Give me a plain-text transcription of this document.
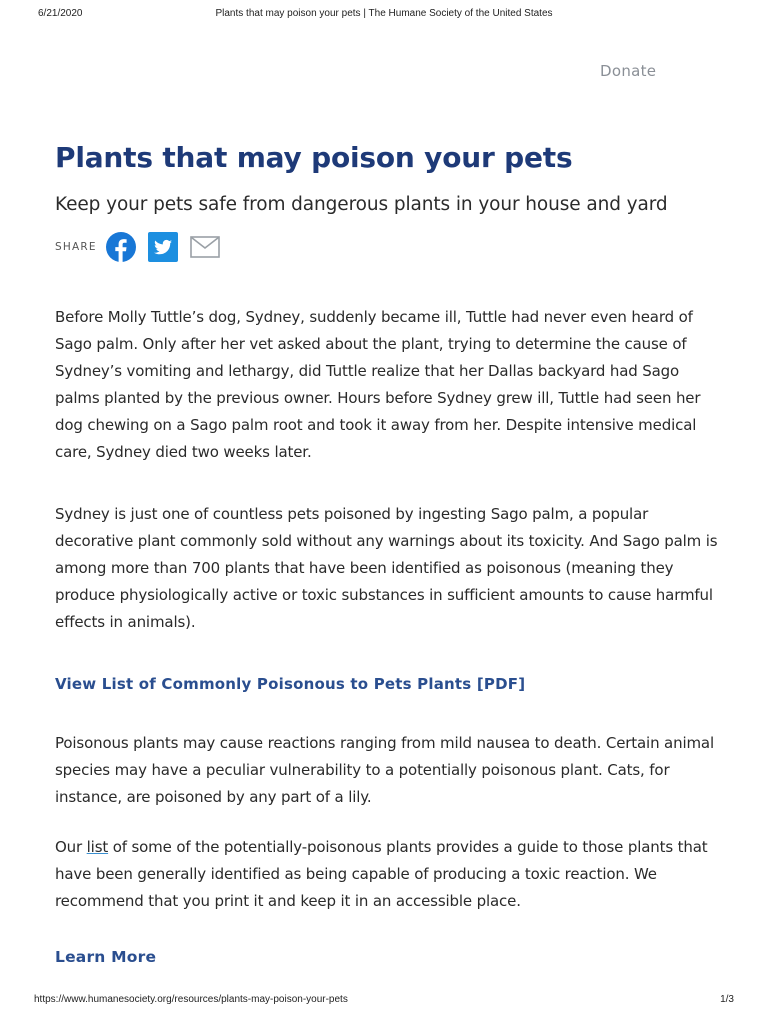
6/21/2020	Plants that may poison your pets | The Humane Society of the United States
Donate
Plants that may poison your pets

Keep your pets safe from dangerous plants in your house and yard

SHARE

Before Molly Tuttle’s dog, Sydney, suddenly became ill, Tuttle had never even heard of Sago palm. Only after her vet asked about the plant, trying to determine the cause of Sydney’s vomiting and lethargy, did Tuttle realize that her Dallas backyard had Sago palms planted by the previous owner. Hours before Sydney grew ill, Tuttle had seen her dog chewing on a Sago palm root and took it away from her. Despite intensive medical care, Sydney died two weeks later.

Sydney is just one of countless pets poisoned by ingesting Sago palm, a popular decorative plant commonly sold without any warnings about its toxicity. And Sago palm is among more than 700 plants that have been identified as poisonous (meaning they produce physiologically active or toxic substances in sufficient amounts to cause harmful effects in animals).

View List of Commonly Poisonous to Pets Plants [PDF]

Poisonous plants may cause reactions ranging from mild nausea to death. Certain animal species may have a peculiar vulnerability to a potentially poisonous plant. Cats, for instance, are poisoned by any part of a lily.

Our list of some of the potentially-poisonous plants provides a guide to those plants that have been generally identified as being capable of producing a toxic reaction. We recommend that you print it and keep it in an accessible place.

Learn More
https://www.humanesociety.org/resources/plants-may-poison-your-pets	1/3
